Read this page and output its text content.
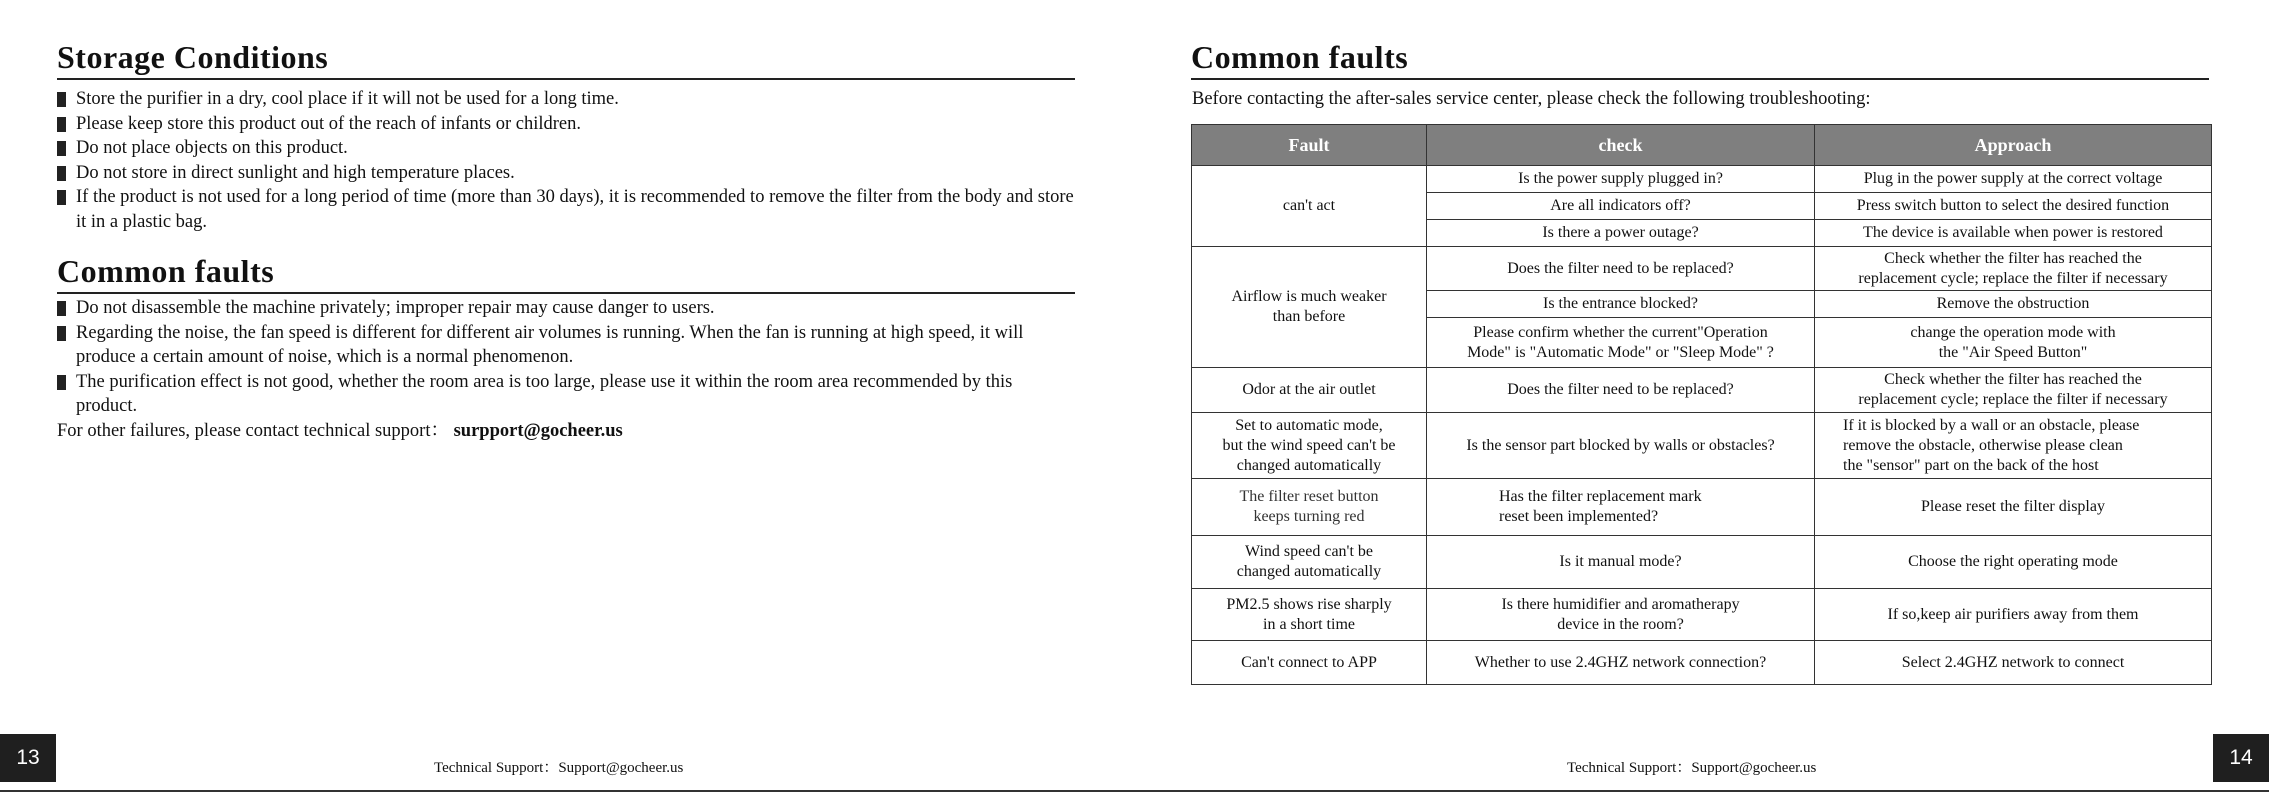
Storage Conditions
Store the purifier in a dry, cool place if it will not be used for a long time.
Please keep store this product out of the reach of infants or children.
Do not place objects on this product.
Do not store in direct sunlight and high temperature places.
If the product is not used for a long period of time (more than 30 days), it is recommended to remove the filter from the body and store it in a plastic bag.
Common faults
Do not disassemble the machine privately; improper repair may cause danger to users.
Regarding the noise, the fan speed is different for different air volumes is running. When the fan is running at high speed, it will produce a certain amount of noise, which is a normal phenomenon.
The purification effect is not good, whether the room area is too large, please use it within the room area recommended by this product.
For other failures, please contact technical support： surpport@gocheer.us
13	Technical Support：Support@gocheer.us
Common faults
Before contacting the after-sales service center, please check the following troubleshooting:
Fault	check	Approach
can't act	Is the power supply plugged in?	Plug in the power supply at the correct voltage
	Are all indicators off?	Press switch button to select the desired function
	Is there a power outage?	The device is available when power is restored
Airflow is much weaker
than before	Does the filter need to be replaced?	Check whether the filter has reached the
replacement cycle; replace the filter if necessary
	Is the entrance blocked?	Remove the obstruction
	Please confirm whether the current"Operation
Mode" is "Automatic Mode" or "Sleep Mode" ?	change the operation mode with
the "Air Speed Button"
Odor at the air outlet	Does the filter need to be replaced?	Check whether the filter has reached the
replacement cycle; replace the filter if necessary
Set to automatic mode,
but the wind speed can't be
changed automatically	Is the sensor part blocked by walls or obstacles?	If it is blocked by a wall or an obstacle, please
remove the obstacle, otherwise please clean
the "sensor" part on the back of the host
The filter reset button
keeps turning red	Has the filter replacement mark
reset been implemented?	Please reset the filter display
Wind speed can't be
changed automatically	Is it manual mode?	Choose the right operating mode
PM2.5 shows rise sharply
in a short time	Is there humidifier and aromatherapy
device in the room?	If so,keep air purifiers away from them
Can't connect to APP	Whether to use 2.4GHZ network connection?	Select 2.4GHZ network to connect
Technical Support：Support@gocheer.us	14
